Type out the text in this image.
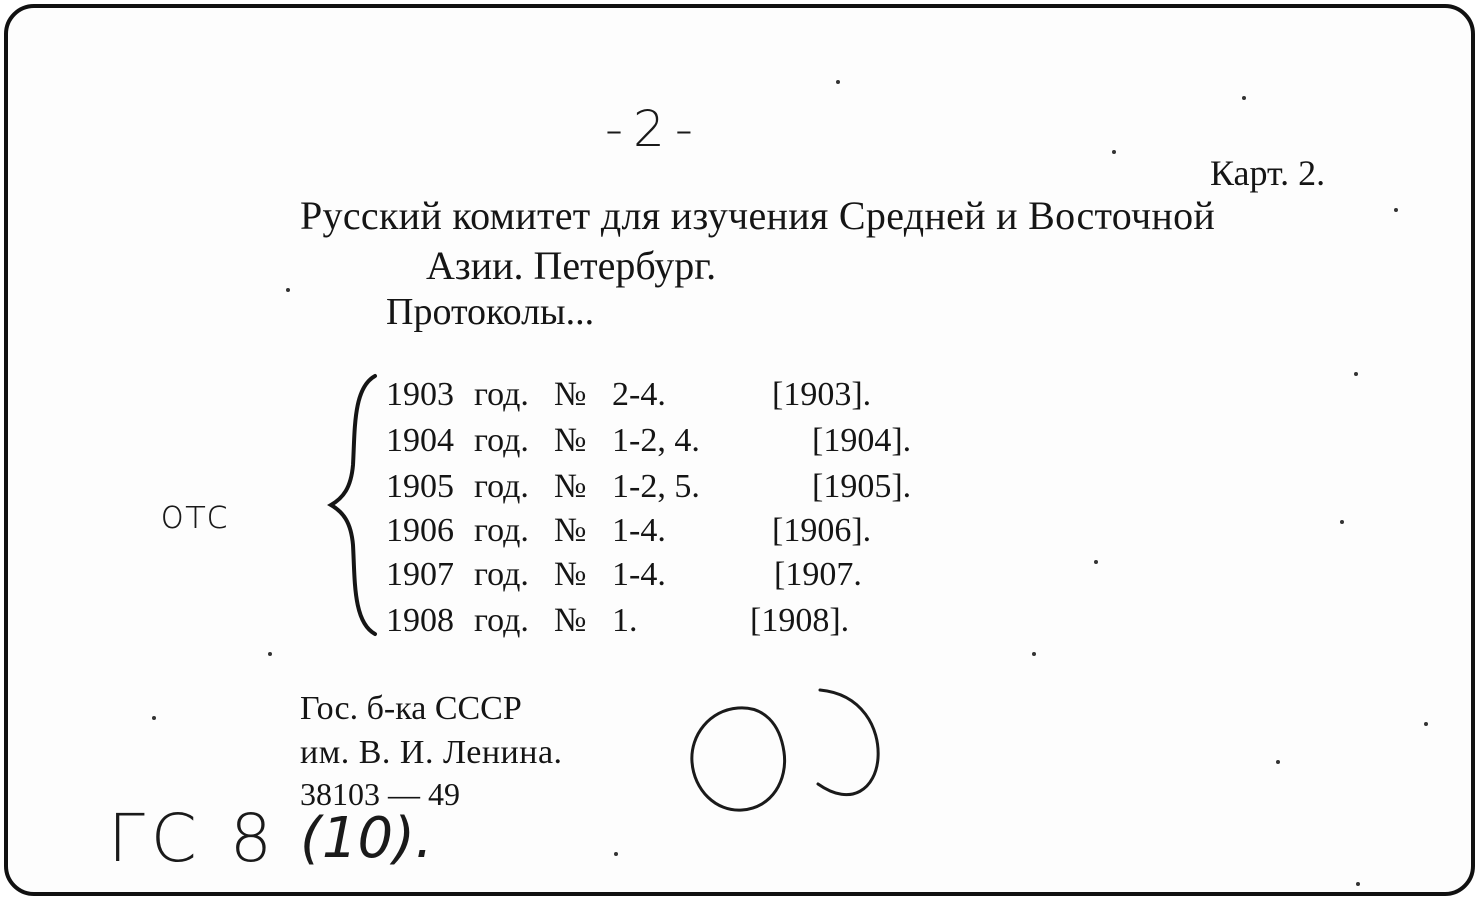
-2-
Карт. 2.
Русский комитет для изучения Средней и Восточной
Азии. Петербург.
Протоколы...
1903 год. № 2-4.	[1903].
1904 год. № 1-2, 4.	[1904].
1905 год. № 1-2, 5.	[1905].
1906 год. № 1-4.	[1906].
1907 год. № 1-4.	[1907.
1908 год. № 1.	[1908].
отс
Гос. б-ка СССР
им. В. И. Ленина.
38103 — 49
ГС 8 (10).
